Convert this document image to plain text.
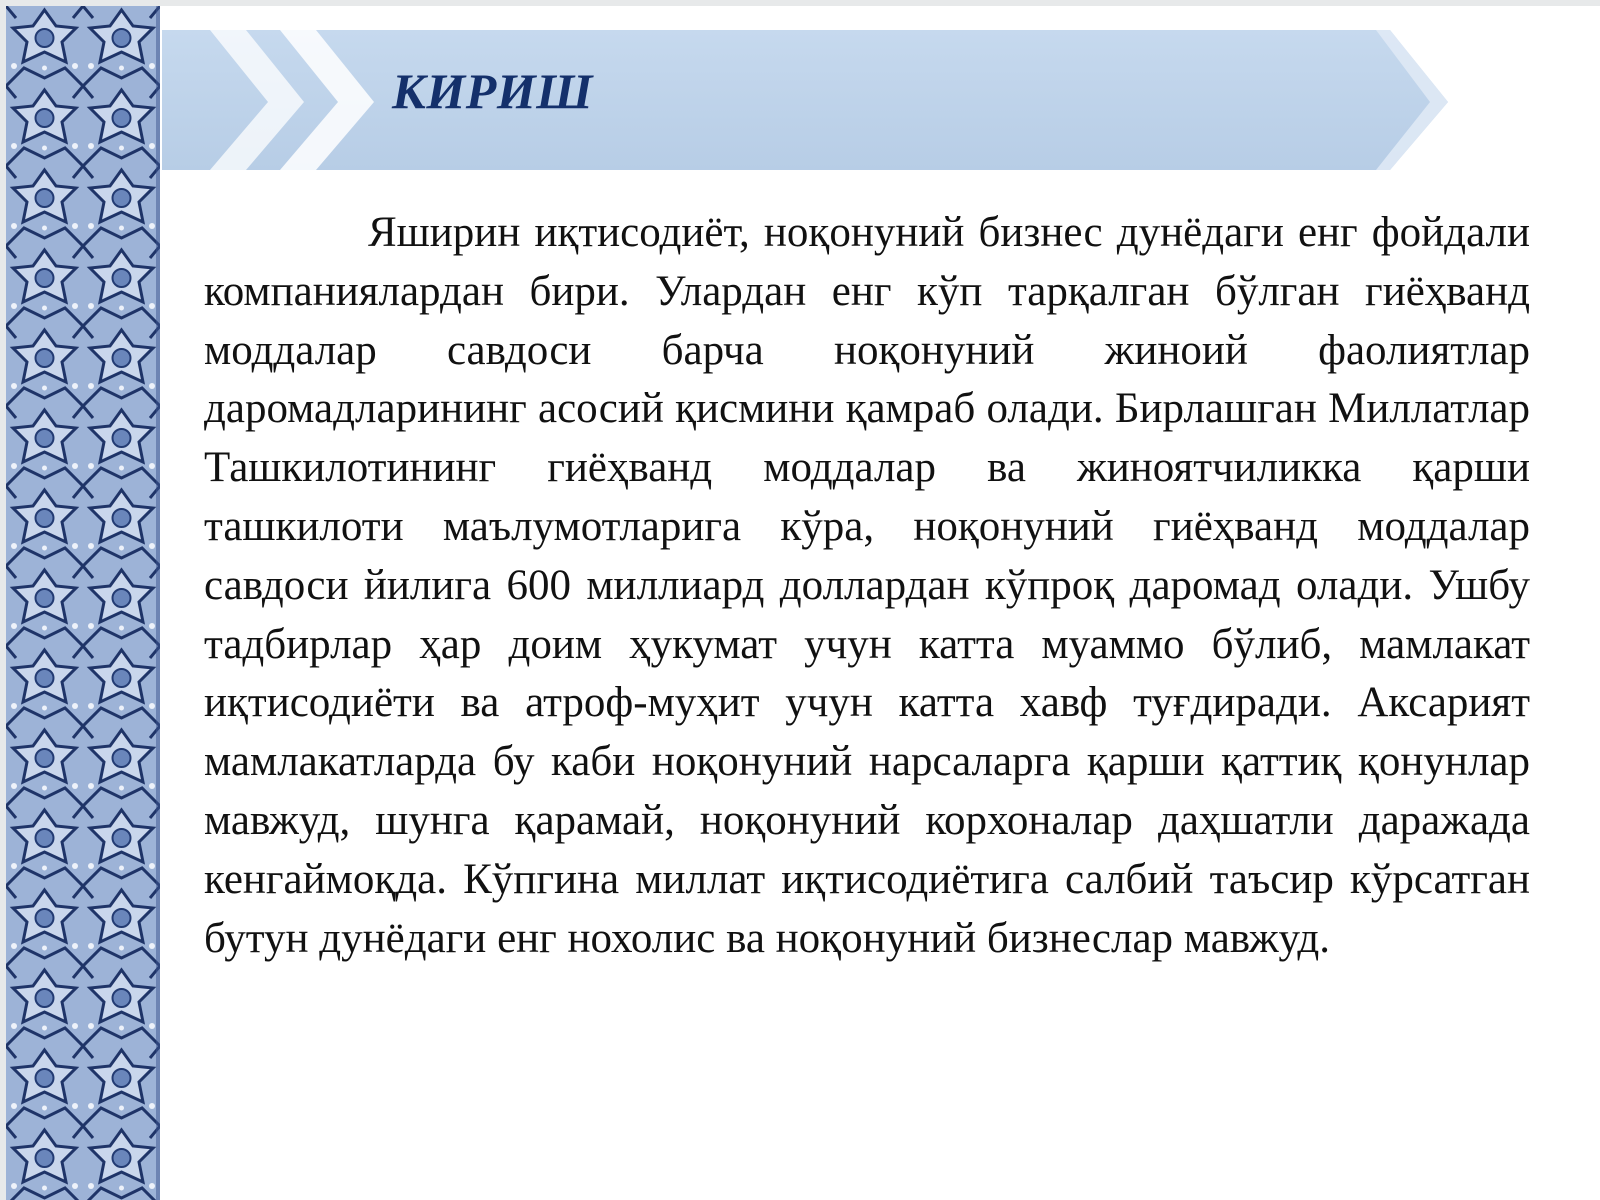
КИРИШ

Яширин иқтисодиёт, ноқонуний бизнес дунёдаги енг фойдали компаниялардан бири. Улардан енг кўп тарқалган бўлган гиёҳванд моддалар савдоси барча ноқонуний жиноий фаолиятлар даромадларининг асосий қисмини қамраб олади. Бирлашган Миллатлар Ташкилотининг гиёҳванд моддалар ва жиноятчиликка қарши ташкилоти маълумотларига кўра, ноқонуний гиёҳванд моддалар савдоси йилига 600 миллиард доллардан кўпроқ даромад олади. Ушбу тадбирлар ҳар доим ҳукумат учун катта муаммо бўлиб, мамлакат иқтисодиёти ва атроф-муҳит учун катта хавф туғдиради. Аксарият мамлакатларда бу каби ноқонуний нарсаларга қарши қаттиқ қонунлар мавжуд, шунга қарамай, ноқонуний корхоналар даҳшатли даражада кенгаймоқда. Кўпгина миллат иқтисодиётига салбий таъсир кўрсатган бутун дунёдаги енг нохолис ва ноқонуний бизнеслар мавжуд.
